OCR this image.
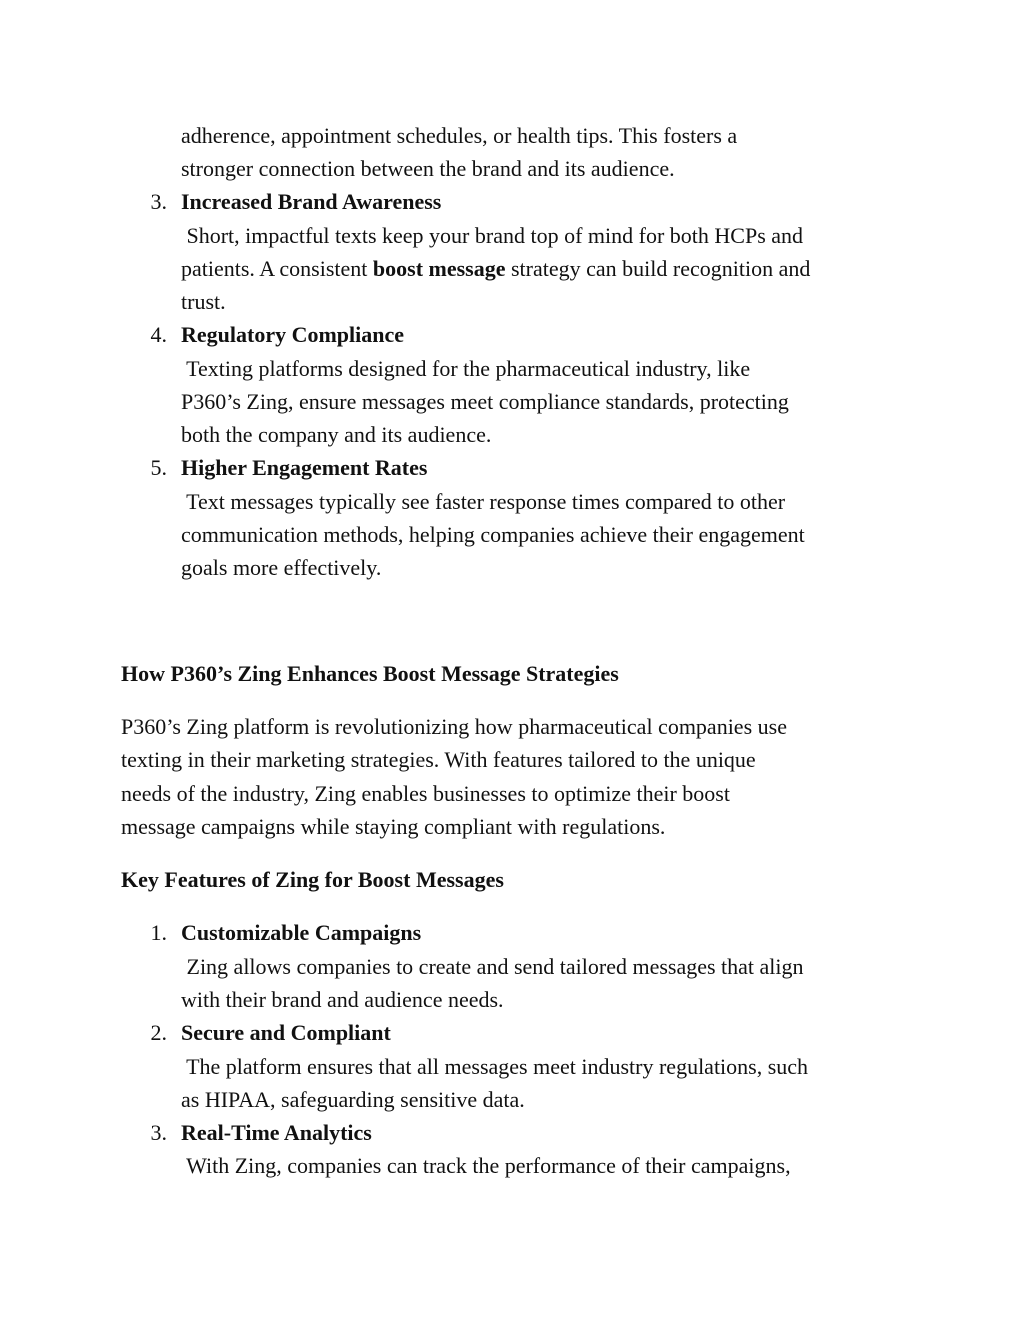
adherence, appointment schedules, or health tips. This fosters a
stronger connection between the brand and its audience.
3. Increased Brand Awareness
Short, impactful texts keep your brand top of mind for both HCPs and
patients. A consistent boost message strategy can build recognition and
trust.
4. Regulatory Compliance
Texting platforms designed for the pharmaceutical industry, like
P360’s Zing, ensure messages meet compliance standards, protecting
both the company and its audience.
5. Higher Engagement Rates
Text messages typically see faster response times compared to other
communication methods, helping companies achieve their engagement
goals more effectively.
How P360’s Zing Enhances Boost Message Strategies
P360’s Zing platform is revolutionizing how pharmaceutical companies use
texting in their marketing strategies. With features tailored to the unique
needs of the industry, Zing enables businesses to optimize their boost
message campaigns while staying compliant with regulations.
Key Features of Zing for Boost Messages
1. Customizable Campaigns
Zing allows companies to create and send tailored messages that align
with their brand and audience needs.
2. Secure and Compliant
The platform ensures that all messages meet industry regulations, such
as HIPAA, safeguarding sensitive data.
3. Real-Time Analytics
With Zing, companies can track the performance of their campaigns,
